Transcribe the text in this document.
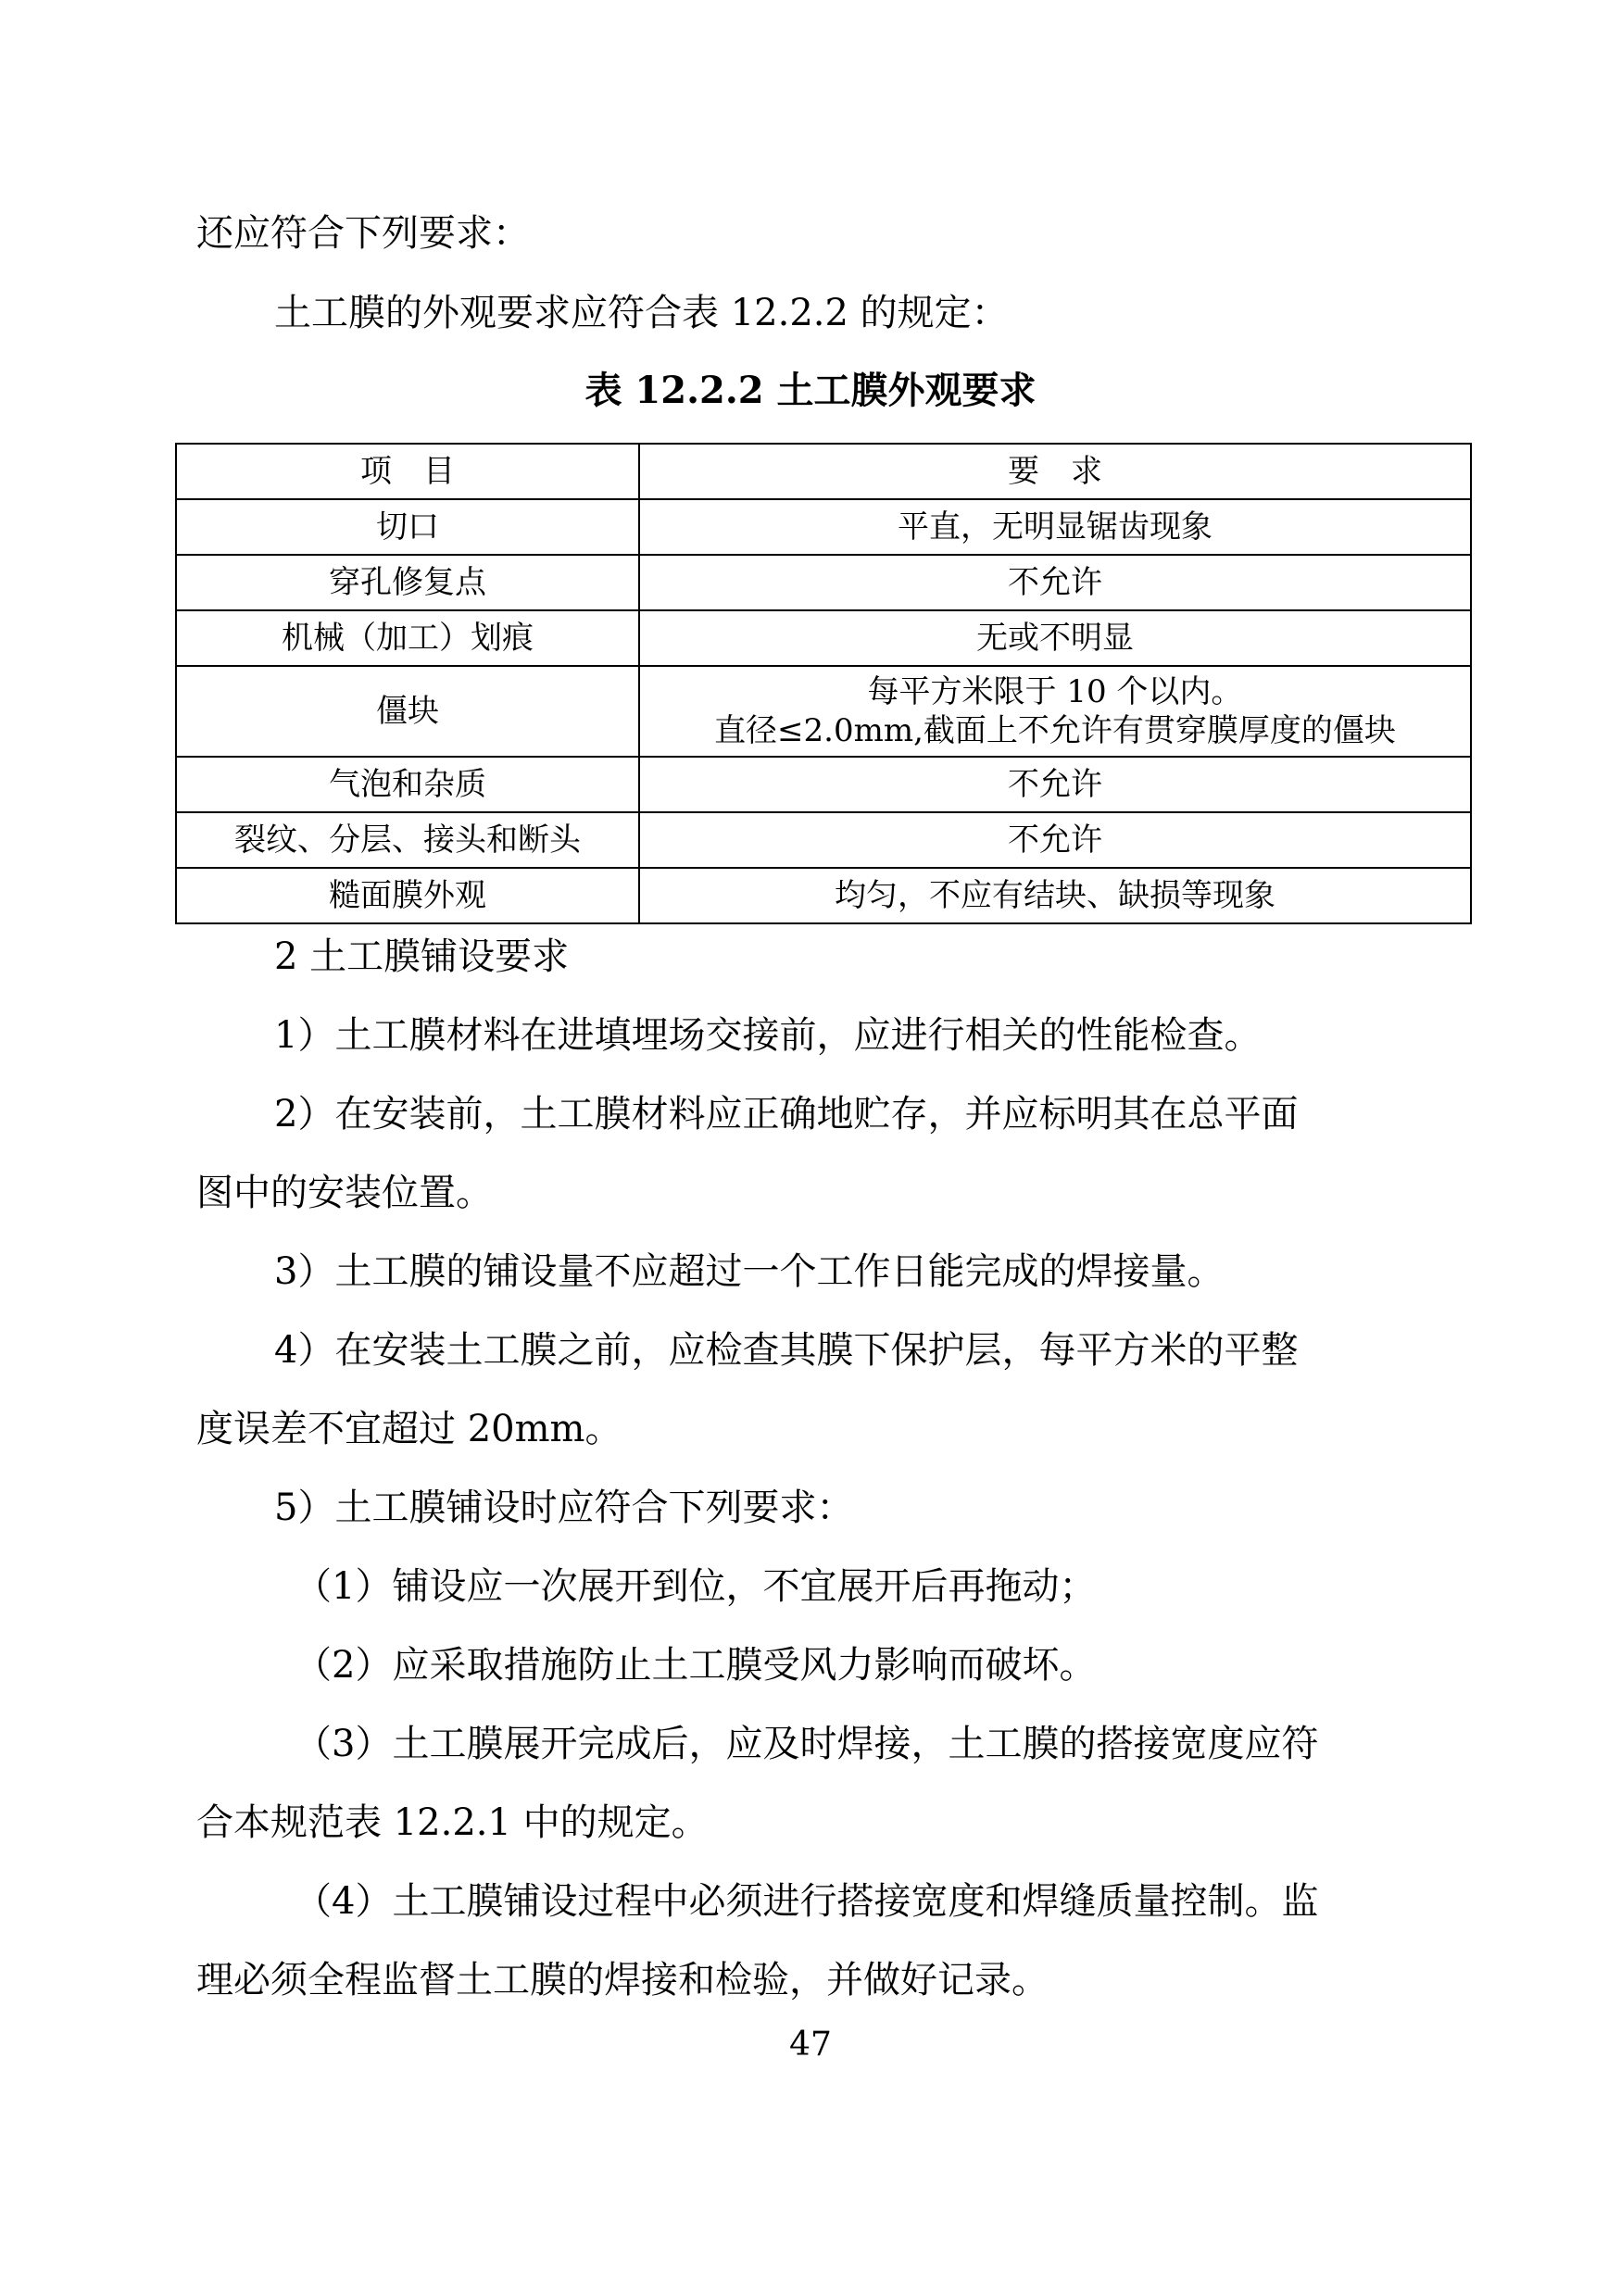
还应符合下列要求：

土工膜的外观要求应符合表 12.2.2 的规定：

表 12.2.2 土工膜外观要求

项　目	要　求
切口	平直，无明显锯齿现象
穿孔修复点	不允许
机械（加工）划痕	无或不明显
僵块	每平方米限于 10 个以内。
直径≤2.0mm,截面上不允许有贯穿膜厚度的僵块

气泡和杂质	不允许
裂纹、分层、接头和断头	不允许
糙面膜外观	均匀，不应有结块、缺损等现象

2 土工膜铺设要求

1）土工膜材料在进填埋场交接前，应进行相关的性能检查。

2）在安装前，土工膜材料应正确地贮存，并应标明其在总平面

图中的安装位置。

3）土工膜的铺设量不应超过一个工作日能完成的焊接量。

4）在安装土工膜之前，应检查其膜下保护层，每平方米的平整

度误差不宜超过 20mm。

5）土工膜铺设时应符合下列要求：

（1）铺设应一次展开到位，不宜展开后再拖动；

（2）应采取措施防止土工膜受风力影响而破坏。

（3）土工膜展开完成后，应及时焊接，土工膜的搭接宽度应符

合本规范表 12.2.1 中的规定。

（4）土工膜铺设过程中必须进行搭接宽度和焊缝质量控制。监

理必须全程监督土工膜的焊接和检验，并做好记录。

47
